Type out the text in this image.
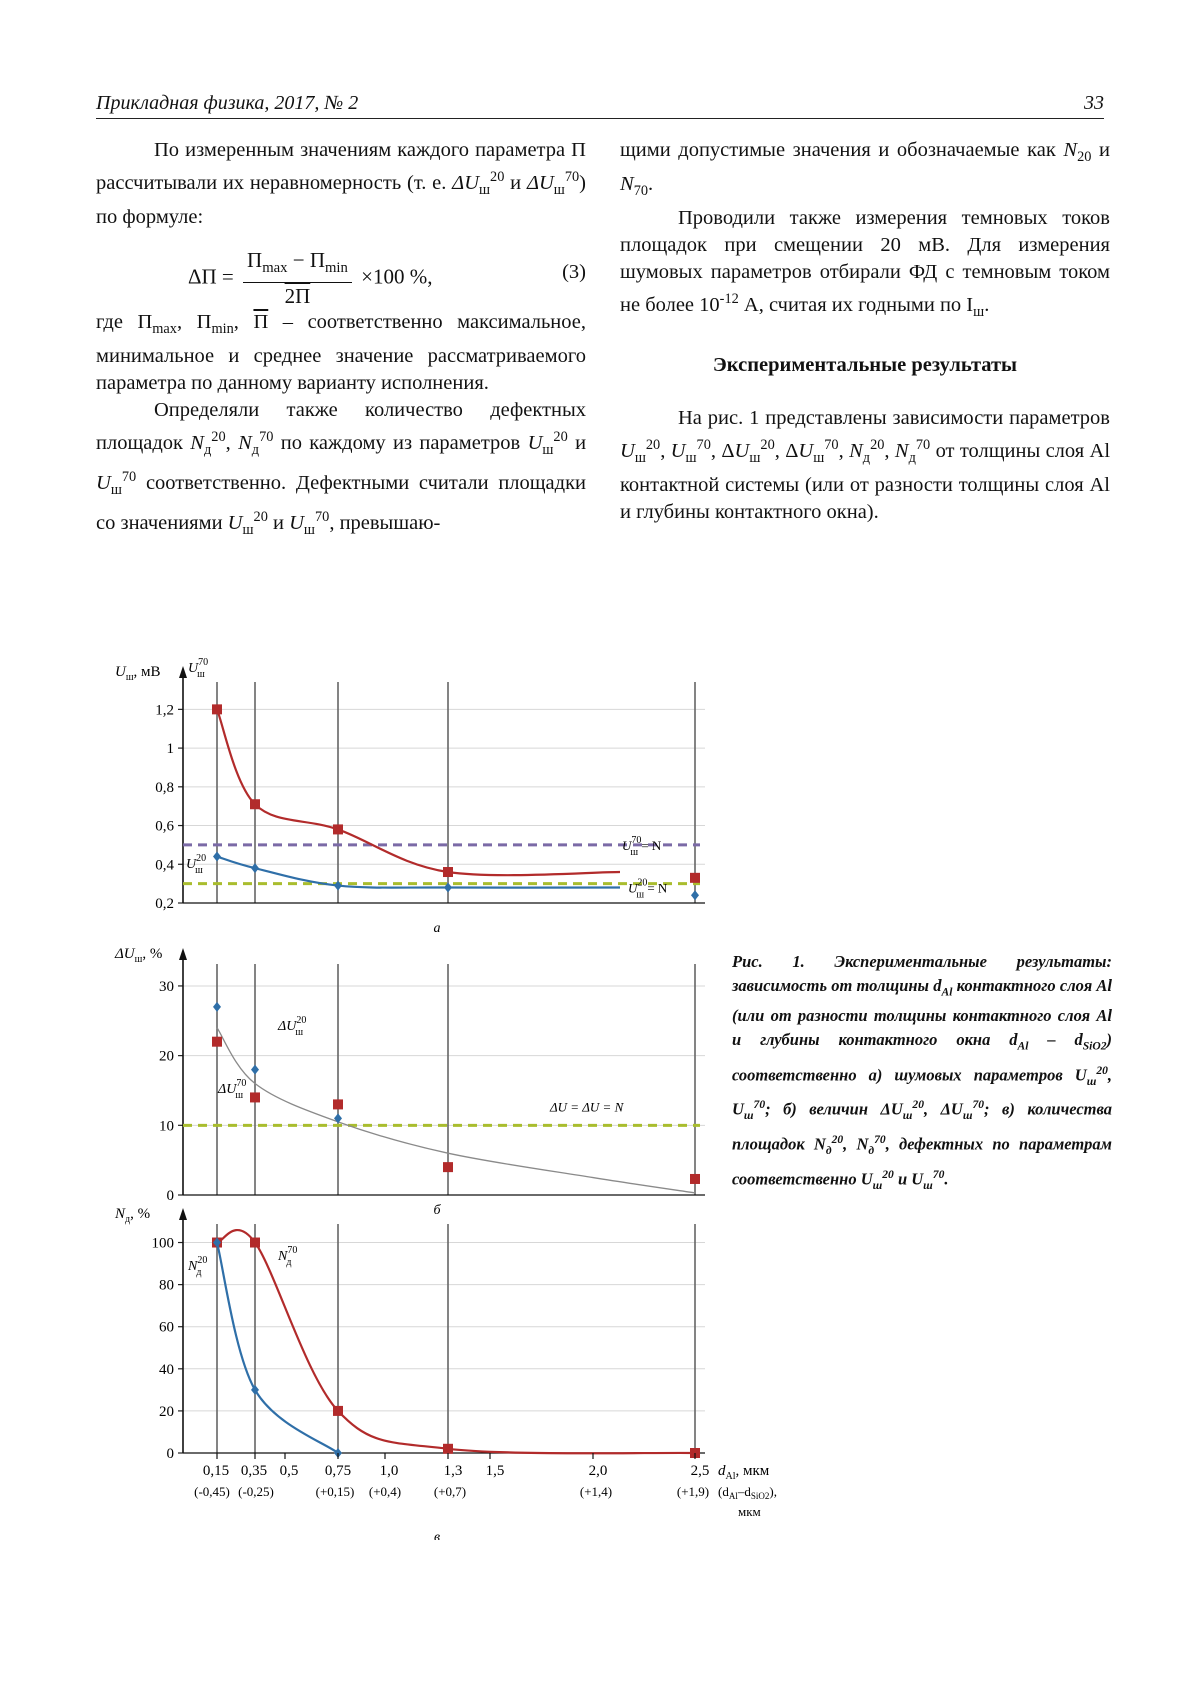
Прикладная физика, 2017, № 2	33

По измеренным значениям каждого параметра П рассчитывали их неравномерность (т. е. ΔUш20 и ΔUш70) по формуле:

ΔП =
Пmax − Пmin
2П
×100 %,	(3)

где Пmax, Пmin, П – соответственно максимальное, минимальное и среднее значение рассматриваемого параметра по данному варианту исполнения.

Определяли также количество дефектных площадок Nд20, Nд70 по каждому из параметров Uш20 и Uш70 соответственно. Дефектными считали площадки со значениями Uш20 и Uш70, превышаю-

щими допустимые значения и обозначаемые как N20 и N70.

Проводили также измерения темновых токов площадок при смещении 20 мВ. Для измерения шумовых параметров отбирали ФД с темновым током не более 10-12 А, считая их годными по Iш.

Экспериментальные результаты

На рис. 1 представлены зависимости параметров Uш20, Uш70, ΔUш20, ΔUш70, Nд20, Nд70 от толщины слоя Al контактной системы (или от разности толщины слоя Al и глубины контактного окна).

0,2
0,4
0,6
0,8
1
1,2
Uш, мВ U70ш
U20ш
U70ш = N
U20ш = N
а
0
10
20
30
ΔUш, %
ΔU20ш
ΔU70ш
ΔU = ΔU = N
б
0
20
40
60
80
100
Nд, %
N70д
N20д
0,15 0,35 0,5 0,75 1,0	1,3 1,5	2,0	2,5
(-0,45) (-0,25)	(+0,15) (+0,4)	(+0,7)	(+1,4)	(+1,9)
dAl, мкм
(dAl–dSiO2),
мкм
в

Рис. 1. Экспериментальные результаты: зависимость от толщины dAl контактного слоя Al (или от разности толщины контактного слоя Al и глубины контактного окна dAl – dSiO2) соответственно а) шумовых параметров Uш20, Uш70; б) величин ΔUш20, ΔUш70; в) количества площадок Nд20, Nд70, дефектных по параметрам соответственно Uш20 и Uш70.
